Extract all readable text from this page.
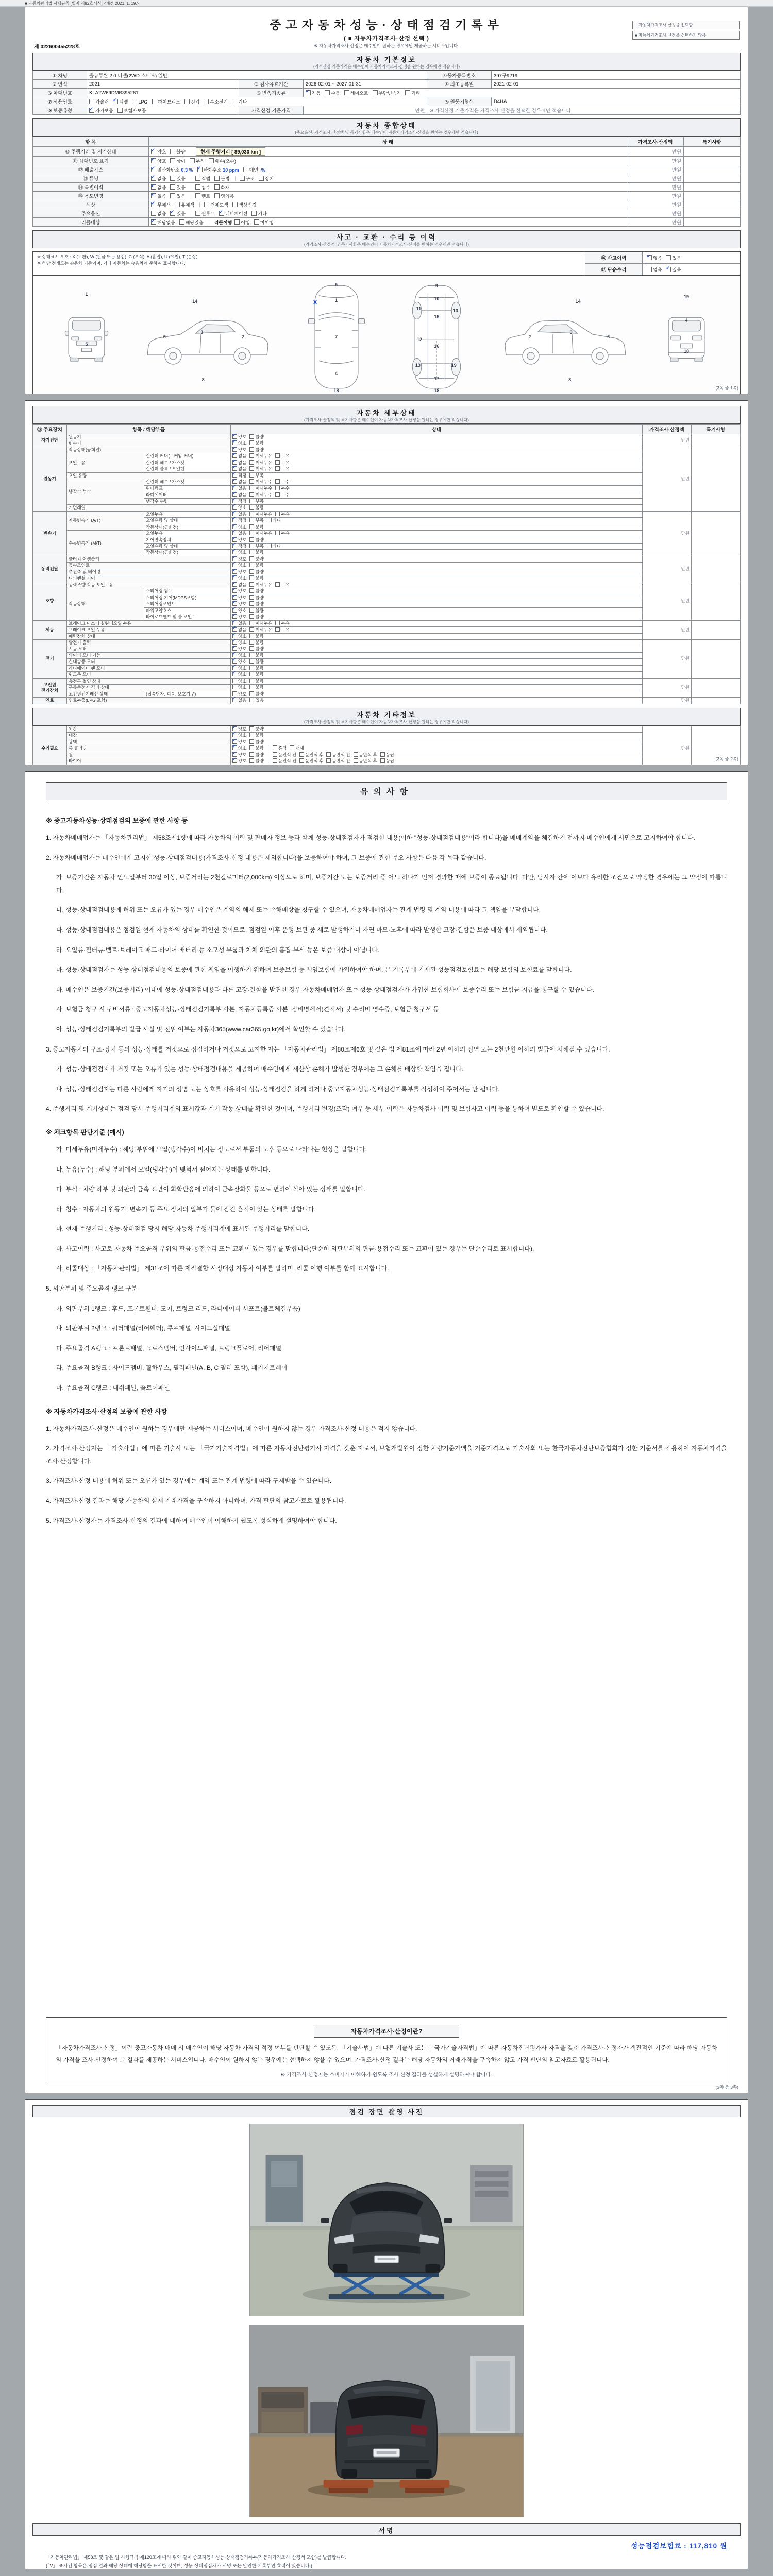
■ 자동차관리법 시행규칙 [별지 제82호서식] <개정 2021. 1. 19.>
제 022600455228호
□ 자동차가격조사·산정을 선택함
■ 자동차가격조사·산정을 선택하지 않음
중고자동차성능·상태점검기록부
( ■ 자동차가격조사·산정 선택 )
※ 자동차가격조사·산정은 매수인이 원하는 경우에만 제공하는 서비스입니다.
자동차 기본정보
(가격산정 기준가격은 매수인이 자동차가격조사·산정을 원하는 경우에만 적습니다)
① 차명	올뉴투싼 2.0 디젤(2WD 스마트) 일반			자동차등록번호	397구9219
② 연식	2021	③ 검사유효기간	2026-02-01 ~ 2027-01-31	④ 최초등록일	2021-02-01
⑤ 차대번호	KLA2W69DMB395261	⑥ 변속기종류	✔자동 수동 세미오토 무단변속기 기타
⑦ 사용연료	가솔린 ✔ 디젤 LPG 하이브리드 전기 수소전기 기타			⑧ 원동기형식	D4HA
⑨ 보증유형	✔자가보증 보험사보증	가격산정 기준가격	만원	※ 가격산정 기준가격은 가격조사·산정을 선택한 경우에만 적습니다.	
자동차 종합상태
(주요옵션, 가격조사·산정액 및 특기사항은 매수인이 자동차가격조사·산정을 원하는 경우에만 적습니다)
항 목	상 태	가격조사·산정액	특기사항
⑩ 주행거리 및 계기상태	✔양호 불량 현재 주행거리 [ 89,030 km ]	만원	
⑪ 차대번호 표기	✔양호 상이 부식 훼손(오손)	만원	
⑫ 배출가스	✔일산화탄소 0.3 % ✔ 탄화수소 10 ppm 매연 %	만원	
⑬ 튜닝	✔없음 있음 적법 불법 구조 장치	만원	
⑭ 특별이력	✔없음 있음 침수 화재	만원	
⑮ 용도변경	✔없음 있음 렌트 영업용	만원	
색상	✔무채색 유채색 전체도색 색상변경	만원	
주요옵션	없음 ✔ 있음 썬루프 ✔ 네비게이션 기타	만원	
리콜대상	✔해당없음 해당있음 리콜이행 이행 미이행	만원	
사고 · 교환 · 수리 등 이력
(가격조사·산정액 및 특기사항은 매수인이 자동차가격조사·산정을 원하는 경우에만 적습니다)
※ 상태표시 부호 : X (교환), W (판금 또는 용접), C (부식), A (흠집), U (요철), T (손상)
※ 하단 전개도는 승용차 기준이며, 기타 자동차는 승용차에 준하여 표시합니다.
⑯ 사고이력 ✔	없음 있음
⑰ 단순수리	없음 ✔ 있음
1
5
14
6
3
2
8
5
1
X
7
4
18
9
10
11	13
15
12
16
13	19
17
18
2
3
6
8
14
19
4
18

(3쪽 중 1쪽)
자동차 세부상태
(가격조사·산정액 및 특기사항은 매수인이 자동차가격조사·산정을 원하는 경우에만 적습니다)
⑲ 주요장치	항목 / 해당부품		상태	가격조사·산정액	특기사항
자기진단	원동기	✔양호 불량	만원	
	변속기	✔양호 불량
원동기	작동상태(공회전)	✔양호 불량	만원	
	오일누유	실린더 커버(로커암 커버)	✔없음 미세누유 누유
		실린더 헤드 / 가스켓	✔없음 미세누유 누유
		실린더 블록 / 오일팬	✔없음 미세누유 누유
	오일 유량	✔적정 부족
	냉각수 누수	실린더 헤드 / 가스켓	✔없음 미세누수 누수
		워터펌프	✔없음 미세누수 누수
		라디에이터	✔없음 미세누수 누수
		냉각수 수량	✔적정 부족
	커먼레일	✔양호 불량
변속기	자동변속기 (A/T)	오일누유	✔없음 미세누유 누유	만원	
		오일유량 및 상태	✔적정 부족 과다
		작동상태(공회전)	✔양호 불량
	수동변속기 (M/T)	오일누유	✔없음 미세누유 누유
		기어변속장치	✔양호 불량
		오일유량 및 상태	✔적정 부족 과다
		작동상태(공회전)	✔양호 불량
동력전달	클러치 어셈블리	✔양호 불량	만원	
	등속조인트	✔양호 불량
	추진축 및 베어링	✔양호 불량
	디퍼렌셜 기어	✔양호 불량
조향	동력조향 작동 오일누유	✔없음 미세누유 누유	만원	
	작동상태	스티어링 펌프	✔양호 불량
		스티어링 기어(MDPS포함)	✔양호 불량
		스티어링조인트	✔양호 불량
		파워고압호스	✔양호 불량
		타이로드엔드 및 볼 조인트	✔양호 불량
제동	브레이크 마스터 실린더오일 누유	✔없음 미세누유 누유	만원	
	브레이크 오일 누유	✔없음 미세누유 누유
	배력장치 상태	✔양호 불량
전기	발전기 출력	✔양호 불량	만원	
	시동 모터	✔양호 불량
	와이퍼 모터 기능	✔양호 불량
	실내송풍 모터	✔양호 불량
	라디에이터 팬 모터	✔양호 불량
	윈도우 모터	✔양호 불량
고전원 전기장치	충전구 절연 상태		양호 불량	만원	
	구동축전지 격리 상태		양호 불량		
	고전원전기배선 상태	(접속단자, 피복, 보호기구)	양호 불량		
연료	연료누출(LPG 포함)	✔없음 있음	만원	
자동차 기타정보
(가격조사·산정액 및 특기사항은 매수인이 자동차가격조사·산정을 원하는 경우에만 적습니다)
수리필요	외장	✔양호 불량	만원	
	내장	✔양호 불량
	광택	✔양호 불량
	룸 클리닝	✔양호 불량 흔적 냄새
	휠	✔양호 불량 운전석 전 운전석 후 동반석 전 동반석 후 응급
	타이어	✔양호 불량 운전석 전 운전석 후 동반석 전 동반석 후 응급
	✔

		(3쪽 중 2쪽)
유의사항
※ 중고자동차성능·상태점검의 보증에 관한 사항 등

1. 자동차매매업자는 「자동차관리법」 제58조제1항에 따라 자동차의 이력 및 판매자 정보 등과 함께 성능·상태점검자가 점검한 내용(이하 "성능·상태점검내용"이라 합니다)을 매매계약을 체결하기 전까지 매수인에게 서면으로 고지하여야 합니다.

2. 자동차매매업자는 매수인에게 고지한 성능·상태점검내용(가격조사·산정 내용은 제외합니다)을 보증하여야 하며, 그 보증에 관한 주요 사항은 다음 각 목과 같습니다.

가. 보증기간은 자동차 인도일부터 30일 이상, 보증거리는 2천킬로미터(2,000km) 이상으로 하며, 보증기간 또는 보증거리 중 어느 하나가 먼저 경과한 때에 보증이 종료됩니다. 다만, 당사자 간에 이보다 유리한 조건으로 약정한 경우에는 그 약정에 따릅니다.

나. 성능·상태점검내용에 허위 또는 오류가 있는 경우 매수인은 계약의 해제 또는 손해배상을 청구할 수 있으며, 자동차매매업자는 관계 법령 및 계약 내용에 따라 그 책임을 부담합니다.

다. 성능·상태점검내용은 점검일 현재 자동차의 상태를 확인한 것이므로, 점검일 이후 운행·보관 중 새로 발생하거나 자연 마모·노후에 따라 발생한 고장·결함은 보증 대상에서 제외됩니다.

라. 오일류·필터류·벨트·브레이크 패드·타이어·배터리 등 소모성 부품과 차체 외관의 흠집·부식 등은 보증 대상이 아닙니다.

마. 성능·상태점검자는 성능·상태점검내용의 보증에 관한 책임을 이행하기 위하여 보증보험 등 책임보험에 가입하여야 하며, 본 기록부에 기재된 성능점검보험료는 해당 보험의 보험료를 말합니다.

바. 매수인은 보증기간(보증거리) 이내에 성능·상태점검내용과 다른 고장·결함을 발견한 경우 자동차매매업자 또는 성능·상태점검자가 가입한 보험회사에 보증수리 또는 보험금 지급을 청구할 수 있습니다.

사. 보험금 청구 시 구비서류 : 중고자동차성능·상태점검기록부 사본, 자동차등록증 사본, 정비명세서(견적서) 및 수리비 영수증, 보험금 청구서 등

아. 성능·상태점검기록부의 발급 사실 및 진위 여부는 자동차365(www.car365.go.kr)에서 확인할 수 있습니다.

3. 중고자동차의 구조·장치 등의 성능·상태를 거짓으로 점검하거나 거짓으로 고지한 자는 「자동차관리법」 제80조제6호 및 같은 법 제81조에 따라 2년 이하의 징역 또는 2천만원 이하의 벌금에 처해질 수 있습니다.

가. 성능·상태점검자가 거짓 또는 오류가 있는 성능·상태점검내용을 제공하여 매수인에게 재산상 손해가 발생한 경우에는 그 손해를 배상할 책임을 집니다.

나. 성능·상태점검자는 다른 사람에게 자기의 성명 또는 상호를 사용하여 성능·상태점검을 하게 하거나 중고자동차성능·상태점검기록부를 작성하여 주어서는 안 됩니다.

4. 주행거리 및 계기상태는 점검 당시 주행거리계의 표시값과 계기 작동 상태를 확인한 것이며, 주행거리 변경(조작) 여부 등 세부 이력은 자동차검사 이력 및 보험사고 이력 등을 통하여 별도로 확인할 수 있습니다.

※ 체크항목 판단기준 (예시)

가. 미세누유(미세누수) : 해당 부위에 오일(냉각수)이 비치는 정도로서 부품의 노후 등으로 나타나는 현상을 말합니다.

나. 누유(누수) : 해당 부위에서 오일(냉각수)이 맺혀서 떨어지는 상태를 말합니다.

다. 부식 : 차량 하부 및 외판의 금속 표면이 화학반응에 의하여 금속산화물 등으로 변하여 삭아 있는 상태를 말합니다.

라. 침수 : 자동차의 원동기, 변속기 등 주요 장치의 일부가 물에 잠긴 흔적이 있는 상태를 말합니다.

마. 현재 주행거리 : 성능·상태점검 당시 해당 자동차 주행거리계에 표시된 주행거리를 말합니다.

바. 사고이력 : 사고로 자동차 주요골격 부위의 판금·용접수리 또는 교환이 있는 경우를 말합니다(단순히 외판부위의 판금·용접수리 또는 교환이 있는 경우는 단순수리로 표시합니다).

사. 리콜대상 : 「자동차관리법」 제31조에 따른 제작결함 시정대상 자동차 여부를 말하며, 리콜 이행 여부를 함께 표시합니다.

5. 외판부위 및 주요골격 랭크 구분

가. 외판부위 1랭크 : 후드, 프론트휀더, 도어, 트렁크 리드, 라디에이터 서포트(볼트체결부품)

나. 외판부위 2랭크 : 쿼터패널(리어휀더), 루프패널, 사이드실패널

다. 주요골격 A랭크 : 프론트패널, 크로스멤버, 인사이드패널, 트렁크플로어, 리어패널

라. 주요골격 B랭크 : 사이드멤버, 휠하우스, 필러패널(A, B, C 필러 포함), 패키지트레이

마. 주요골격 C랭크 : 대쉬패널, 플로어패널

※ 자동차가격조사·산정의 보증에 관한 사항

1. 자동차가격조사·산정은 매수인이 원하는 경우에만 제공하는 서비스이며, 매수인이 원하지 않는 경우 가격조사·산정 내용은 적지 않습니다.

2. 가격조사·산정자는 「기술사법」에 따른 기술사 또는 「국가기술자격법」에 따른 자동차진단평가사 자격을 갖춘 자로서, 보험개발원이 정한 차량기준가액을 기준가격으로 기술사회 또는 한국자동차진단보증협회가 정한 기준서를 적용하여 자동차가격을 조사·산정합니다.

3. 가격조사·산정 내용에 허위 또는 오류가 있는 경우에는 계약 또는 관계 법령에 따라 구제받을 수 있습니다.

4. 가격조사·산정 결과는 해당 자동차의 실제 거래가격을 구속하지 아니하며, 가격 판단의 참고자료로 활용됩니다.

5. 가격조사·산정자는 가격조사·산정의 결과에 대하여 매수인이 이해하기 쉽도록 성실하게 설명하여야 합니다.

자동차가격조사·산정이란?
「자동차가격조사·산정」이란 중고자동차 매매 시 매수인이 해당 자동차 가격의 적정 여부를 판단할 수 있도록, 「기술사법」에 따른 기술사 또는 「국가기술자격법」에 따른 자동차진단평가사 자격을 갖춘 가격조사·산정자가 객관적인 기준에 따라 해당 자동차의 가격을 조사·산정하여 그 결과를 제공하는 서비스입니다. 매수인이 원하지 않는 경우에는 선택하지 않을 수 있으며, 가격조사·산정 결과는 해당 자동차의 거래가격을 구속하지 않고 가격 판단의 참고자료로 활용됩니다.
※ 가격조사·산정자는 소비자가 이해하기 쉽도록 조사·산정 결과를 성실하게 설명하여야 합니다.
(3쪽 중 3쪽)
점검 장면 촬영 사진
서명
성능점검보험료 :
117,810 원
「자동차관리법」 제58조 및 같은 법 시행규칙 제120조에 따라 위와 같이 중고자동차성능·상태점검기록부(자동차가격조사·산정서 포함)를 발급합니다.
(「V」 표시된 항목은 점검 결과 해당 상태에 해당함을 표시한 것이며, 성능·상태점검자가 서명 또는 날인한 기록부만 효력이 있습니다.)
